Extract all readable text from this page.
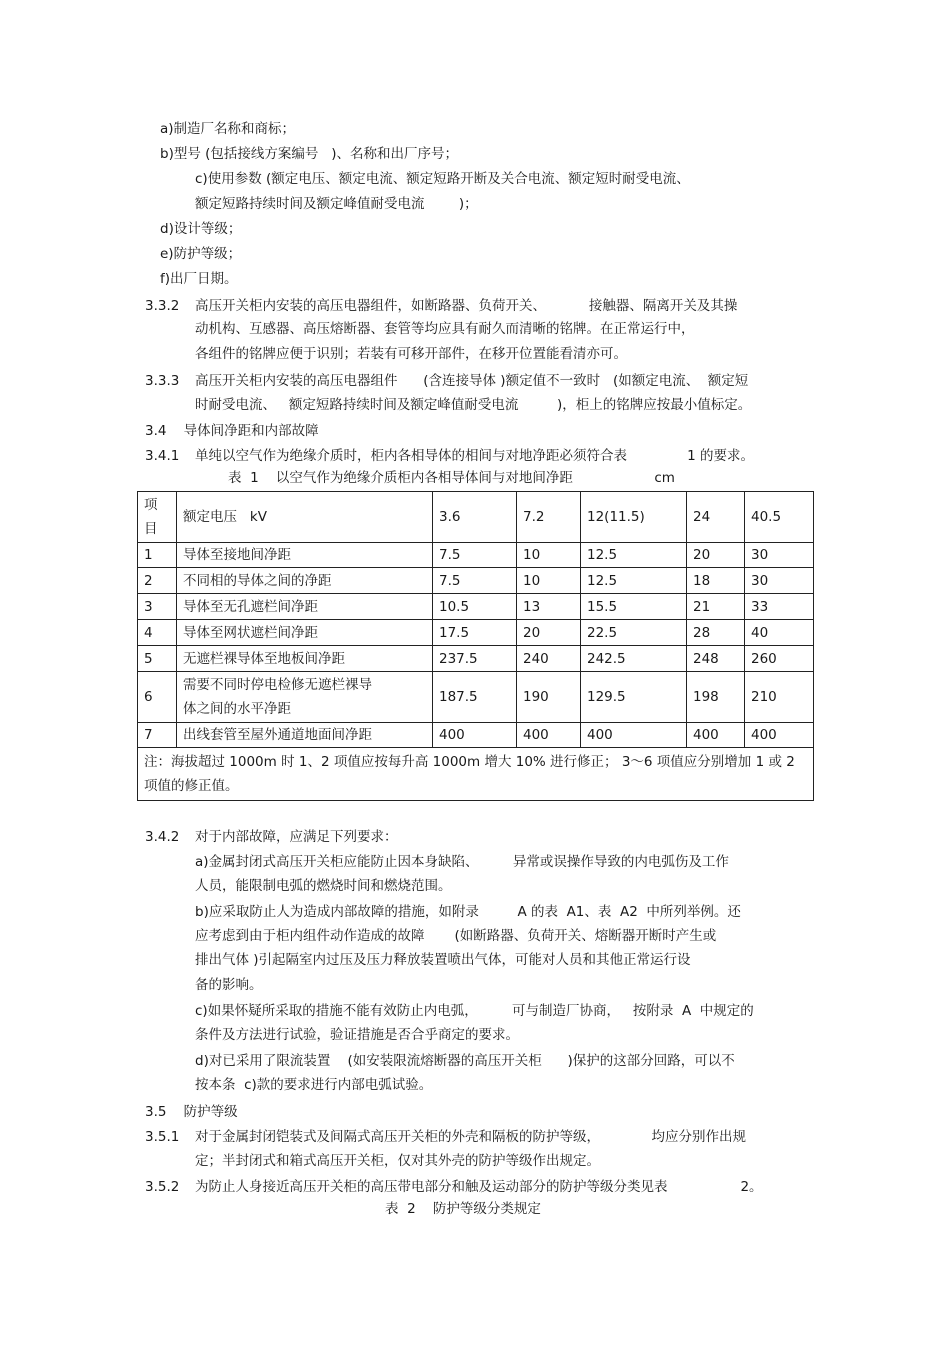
a)制造厂名称和商标；
b)型号 (包括接线方案编号   )、名称和出厂序号；
c)使用参数 (额定电压、额定电流、额定短路开断及关合电流、额定短时耐受电流、
额定短路持续时间及额定峰值耐受电流        )；
d)设计等级；
e)防护等级；
f)出厂日期。
3.3.2 高压开关柜内安装的高压电器组件，如断路器、负荷开关、          接触器、隔离开关及其操
动机构、互感器、高压熔断器、套管等均应具有耐久而清晰的铭牌。在正常运行中，
各组件的铭牌应便于识别；若装有可移开部件，在移开位置能看清亦可。
3.3.3 高压开关柜内安装的高压电器组件      (含连接导体 )额定值不一致时   (如额定电流、  额定短
时耐受电流、   额定短路持续时间及额定峰值耐受电流         )，柜上的铭牌应按最小值标定。
3.4    导体间净距和内部故障
3.4.1 单纯以空气作为绝缘介质时，柜内各相导体的相间与对地净距必须符合表              1 的要求。
表  1    以空气作为绝缘介质柜内各相导体间与对地间净距                   cm
项
目	额定电压   kV	3.6	7.2	12(11.5)	24	40.5
1	导体至接地间净距	7.5	10	12.5	20	30
2	不同相的导体之间的净距	7.5	10	12.5	18	30
3	导体至无孔遮栏间净距	10.5	13	15.5	21	33
4	导体至网状遮栏间净距	17.5	20	22.5	28	40
5	无遮栏裸导体至地板间净距	237.5	240	242.5	248	260
6	需要不同时停电检修无遮栏裸导
体之间的水平净距	187.5	190	129.5	198	210
7	出线套管至屋外通道地面间净距	400	400	400	400	400
注：海拔超过 1000m 时 1、2 项值应按每升高 1000m 增大 10% 进行修正； 3～6 项值应分别增加 1 或 2 项值的修正值。						
3.4.2 对于内部故障，应满足下列要求：
a)金属封闭式高压开关柜应能防止因本身缺陷、        异常或误操作导致的内电弧伤及工作
人员，能限制电弧的燃烧时间和燃烧范围。
b)应采取防止人为造成内部故障的措施，如附录         A 的表  A1、表  A2  中所列举例。还
应考虑到由于柜内组件动作造成的故障       (如断路器、负荷开关、熔断器开断时产生或
排出气体 )引起隔室内过压及压力释放装置喷出气体，可能对人员和其他正常运行设
备的影响。
c)如果怀疑所采取的措施不能有效防止内电弧，        可与制造厂协商，   按附录  A  中规定的
条件及方法进行试验，验证措施是否合乎商定的要求。
d)对已采用了限流装置    (如安装限流熔断器的高压开关柜      )保护的这部分回路，可以不
按本条  c)款的要求进行内部电弧试验。
3.5    防护等级
3.5.1 对于金属封闭铠装式及间隔式高压开关柜的外壳和隔板的防护等级，            均应分别作出规
定；半封闭式和箱式高压开关柜，仅对其外壳的防护等级作出规定。
3.5.2 为防止人身接近高压开关柜的高压带电部分和触及运动部分的防护等级分类见表                 2。
表  2    防护等级分类规定
